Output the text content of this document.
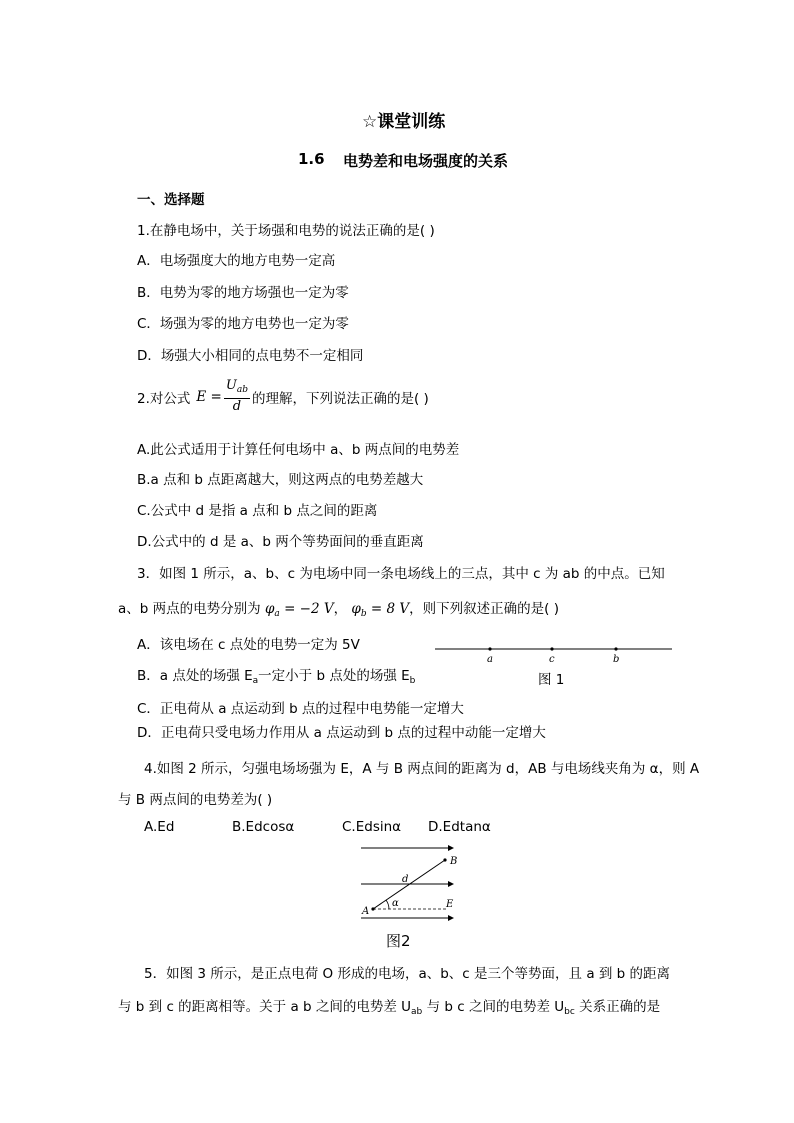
☆课堂训练
1.6 电势差和电场强度的关系
一、选择题
1.在静电场中，关于场强和电势的说法正确的是( )
A．电场强度大的地方电势一定高
B．电势为零的地方场强也一定为零
C．场强为零的地方电势也一定为零
D．场强大小相同的点电势不一定相同
2.对公式 $E = \frac{U_{ab}}{d}$ 的理解，下列说法正确的是( )
A.此公式适用于计算任何电场中 a、b 两点间的电势差
B.a 点和 b 点距离越大，则这两点的电势差越大
C.公式中 d 是指 a 点和 b 点之间的距离
D.公式中的 d 是 a、b 两个等势面间的垂直距离
3．如图 1 所示，a、b、c 为电场中同一条电场线上的三点，其中 c 为 ab 的中点。已知
a、b 两点的电势分别为 $\varphi_a = -2$ V， $\varphi_b = 8$ V，则下列叙述正确的是( )
A．该电场在 c 点处的电势一定为 5V
B．a 点处的场强 $E_a$一定小于 b 点处的场强 $E_b$
C．正电荷从 a 点运动到 b 点的过程中电势能一定增大
D．正电荷只受电场力作用从 a 点运动到 b 点的过程中动能一定增大
a	c	b
图 1
4.如图 2 所示，匀强电场场强为 E，A 与 B 两点间的距离为 d，AB 与电场线夹角为 α，则 A
与 B 两点间的电势差为( )
A.Ed	B.Edcosα	C.Edsinα D.Edtanα
A
B
d
α	E
图2
5．如图 3 所示，是正点电荷 O 形成的电场，a、b、c 是三个等势面，且 a 到 b 的距离
与 b 到 c 的距离相等。关于 a b 之间的电势差 $U_{ab}$ 与 b c 之间的电势差 $U_{bc}$ 关系正确的是
